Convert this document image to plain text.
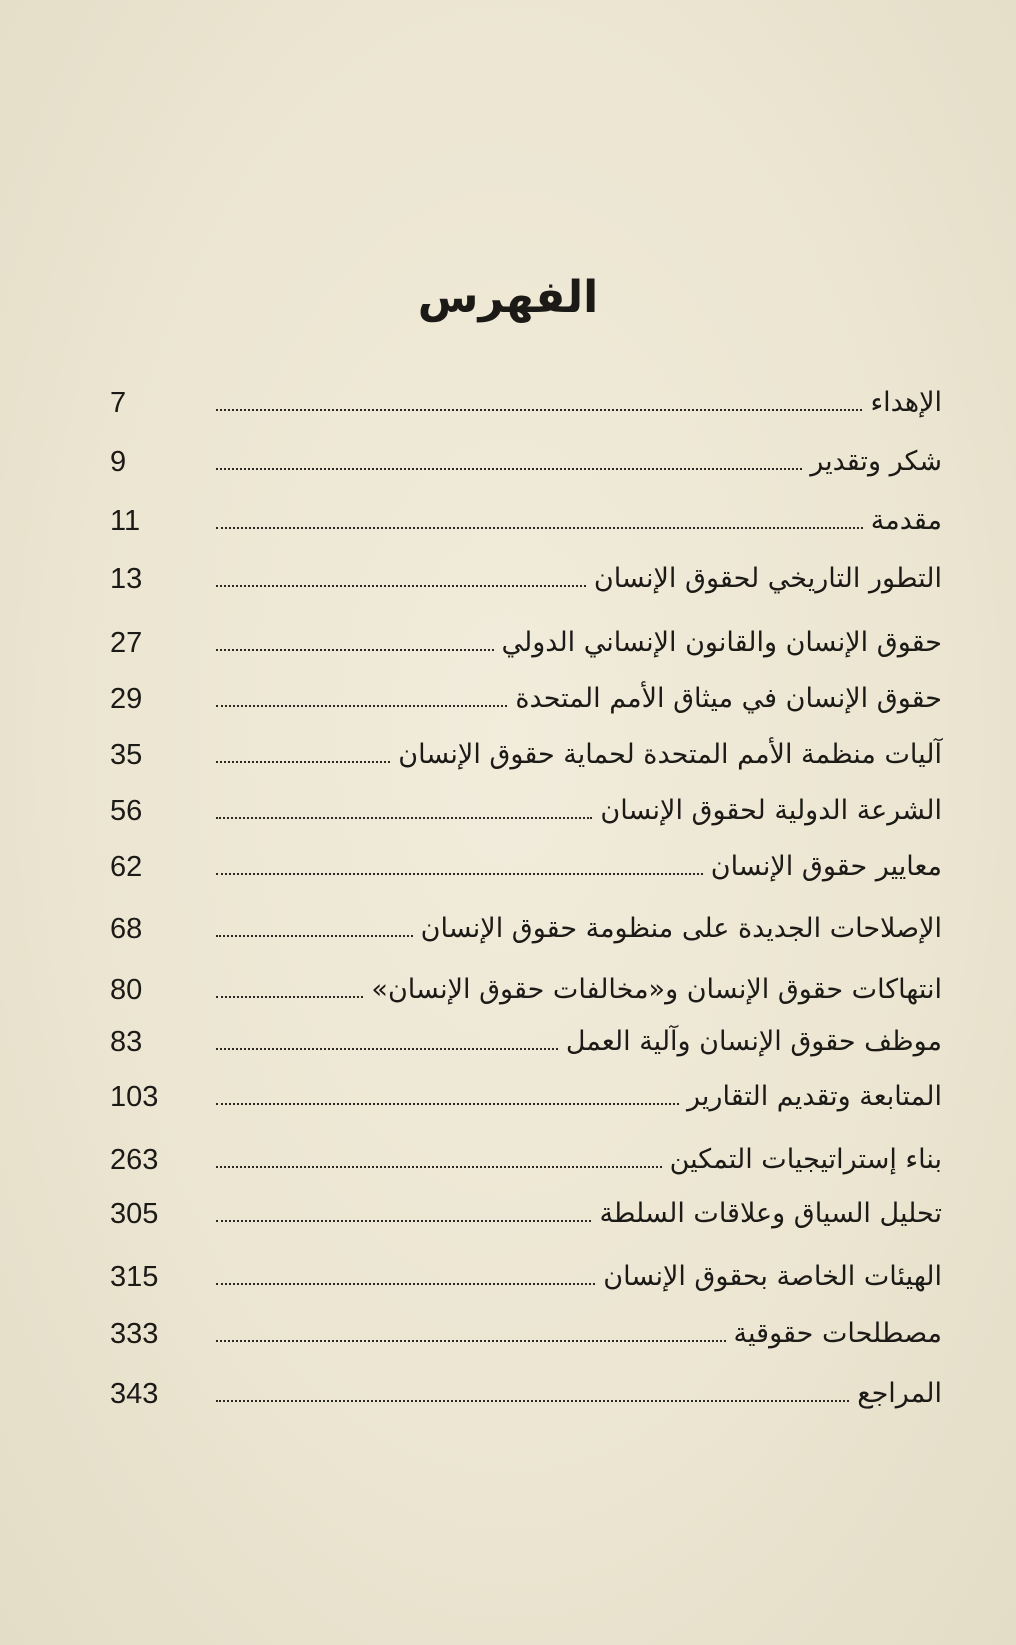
الفهرس
الإهداء
7
شكر وتقدير
9
مقدمة
11
التطور التاريخي لحقوق الإنسان
13
حقوق الإنسان والقانون الإنساني الدولي
27
حقوق الإنسان في ميثاق الأمم المتحدة
29
آليات منظمة الأمم المتحدة لحماية حقوق الإنسان
35
الشرعة الدولية لحقوق الإنسان
56
معايير حقوق الإنسان
62
الإصلاحات الجديدة على منظومة حقوق الإنسان
68
انتهاكات حقوق الإنسان و«مخالفات حقوق الإنسان»
80
موظف حقوق الإنسان وآلية العمل
83
المتابعة وتقديم التقارير
103
بناء إستراتيجيات التمكين
263
تحليل السياق وعلاقات السلطة
305
الهيئات الخاصة بحقوق الإنسان
315
مصطلحات حقوقية
333
المراجع
343
